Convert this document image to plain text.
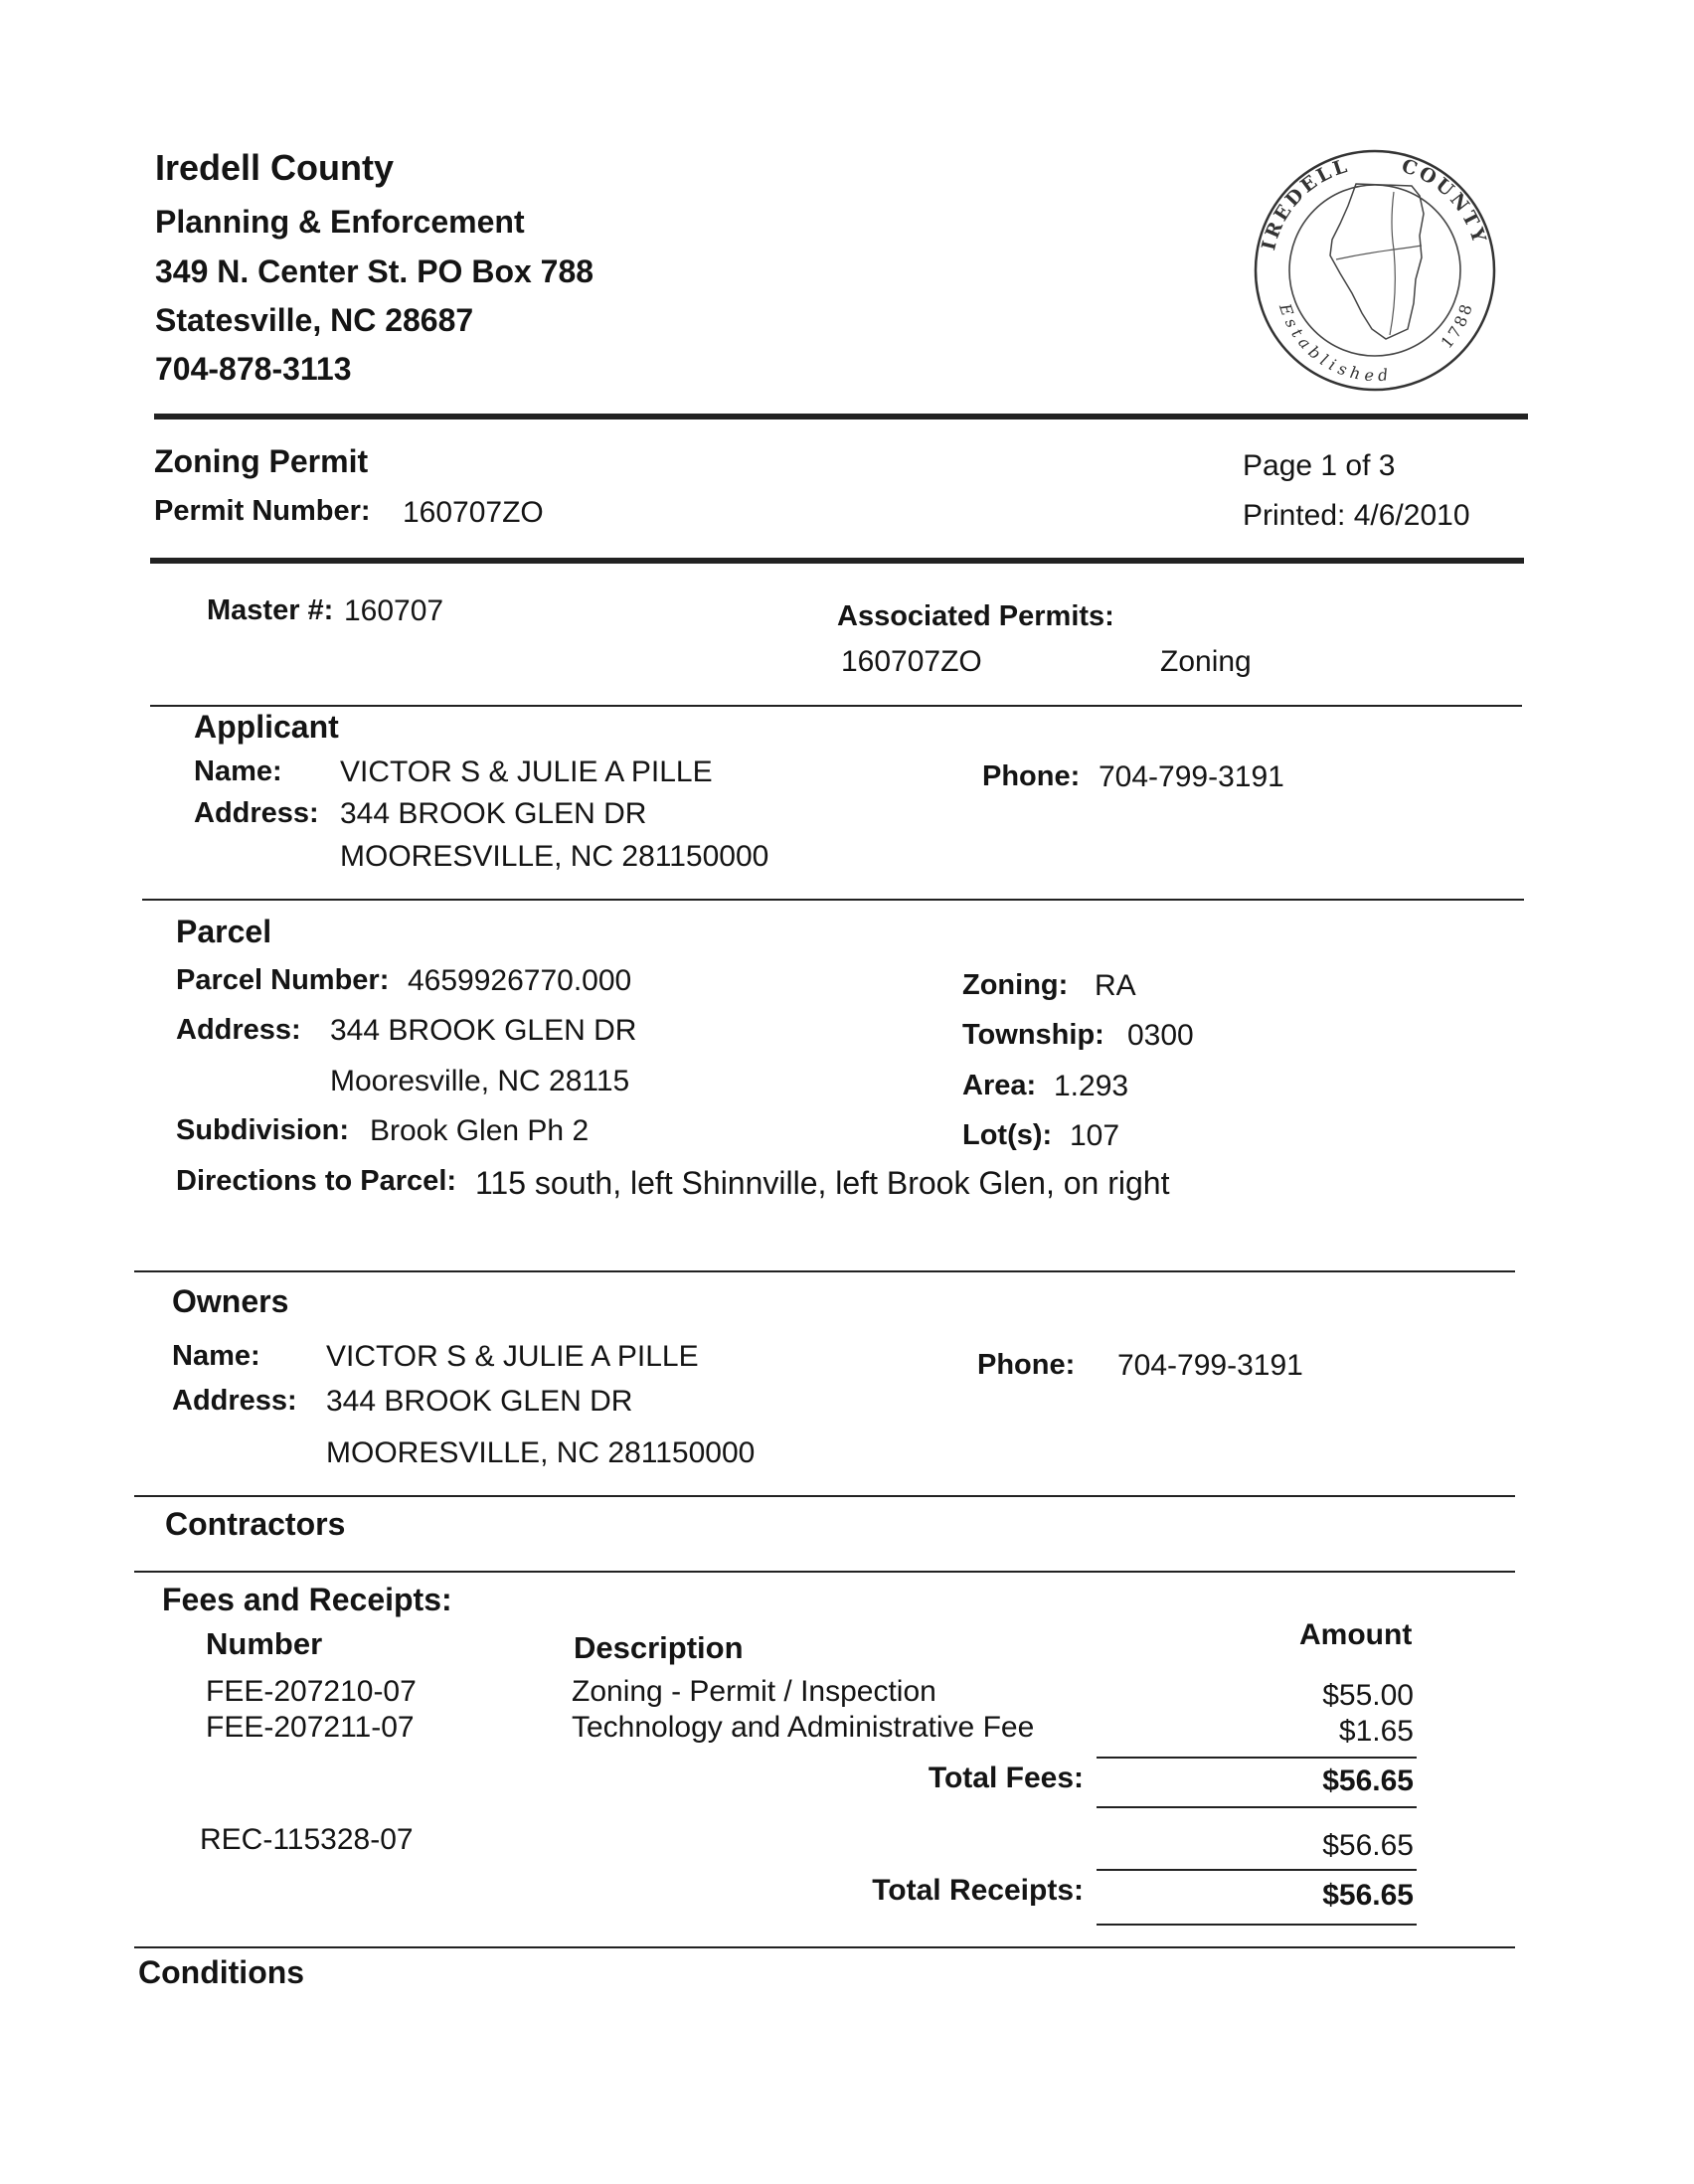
Iredell County
Planning & Enforcement
349 N. Center St. PO Box 788
Statesville, NC 28687
704-878-3113
IREDELL COUNTY
Established
1788
Zoning Permit
Permit Number: 160707ZO
Page 1 of 3
Printed: 4/6/2010
Master #: 160707	Associated Permits:
160707ZO	Zoning
Applicant
Name: VICTOR S & JULIE A PILLE
Address: 344 BROOK GLEN DR
MOORESVILLE, NC 281150000
Phone: 704-799-3191
Parcel
Parcel Number: 4659926770.000
Address: 344 BROOK GLEN DR
Mooresville, NC 28115
Subdivision: Brook Glen Ph 2
Directions to Parcel: 115 south, left Shinnville, left Brook Glen, on right
Zoning: RA
Township: 0300
Area: 1.293
Lot(s): 107
Owners
Name: VICTOR S & JULIE A PILLE
Address: 344 BROOK GLEN DR
MOORESVILLE, NC 281150000
Phone: 704-799-3191
Contractors
Fees and Receipts:
Number	Description	Amount
FEE-207210-07	Zoning - Permit / Inspection	$55.00
FEE-207211-07	Technology and Administrative Fee	$1.65
Total Fees:	$56.65
REC-115328-07	$56.65
Total Receipts:	$56.65
Conditions
